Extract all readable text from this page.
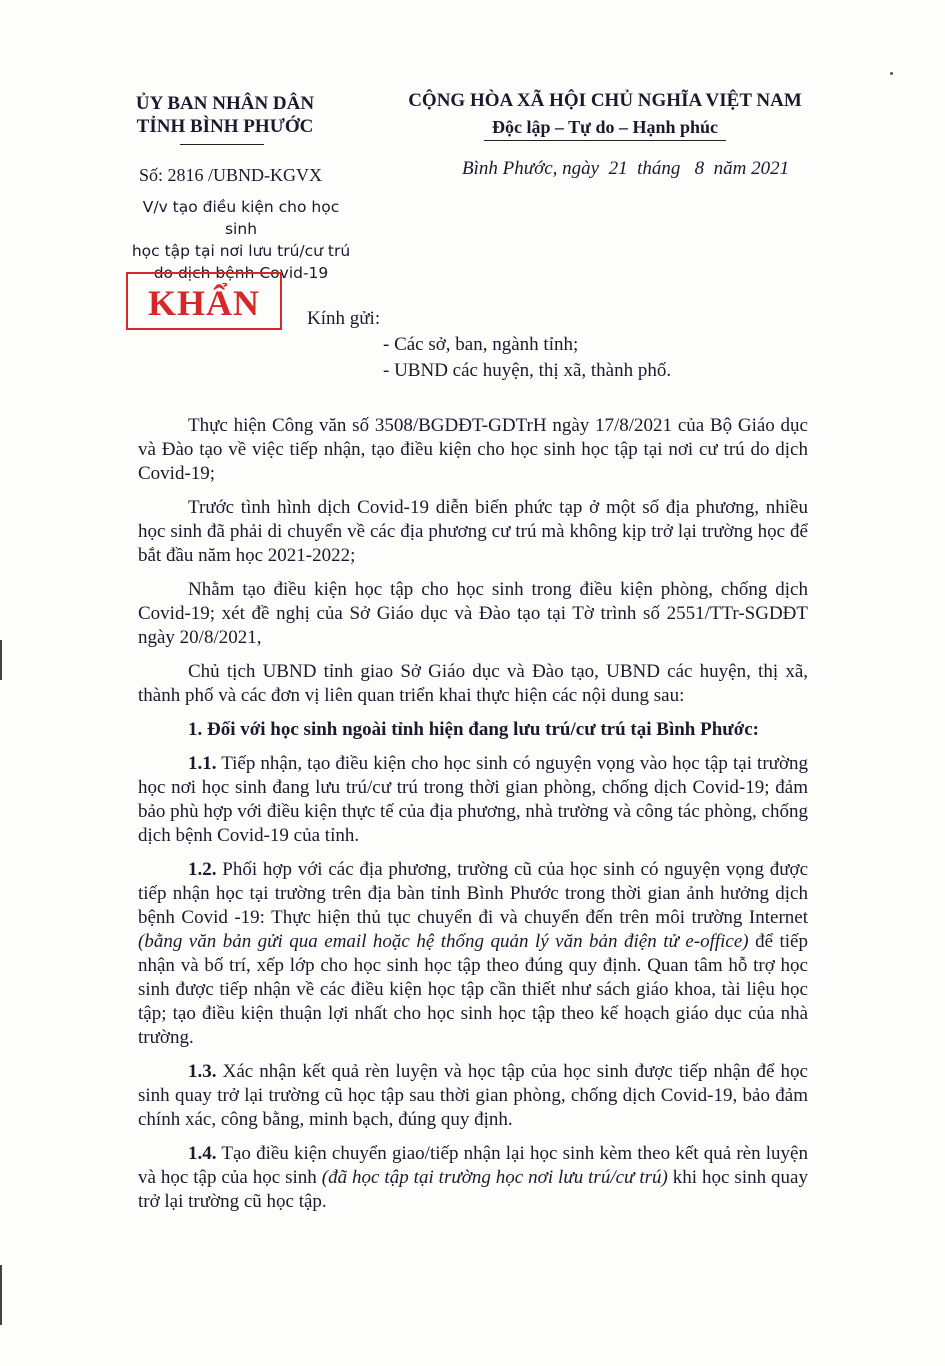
ỦY BAN NHÂN DÂN
TỈNH BÌNH PHƯỚC
CỘNG HÒA XÃ HỘI CHỦ NGHĨA VIỆT NAM
Độc lập – Tự do – Hạnh phúc
Số: 2816 /UBND-KGVX	Bình Phước, ngày  21  tháng   8  năm 2021
V/v tạo điều kiện cho học sinh
học tập tại nơi lưu trú/cư trú
do dịch bệnh Covid-19
KHẨN	Kính gửi:
- Các sở, ban, ngành tỉnh;
- UBND các huyện, thị xã, thành phố.

Thực hiện Công văn số 3508/BGDĐT-GDTrH ngày 17/8/2021 của Bộ Giáo dục và Đào tạo về việc tiếp nhận, tạo điều kiện cho học sinh học tập tại nơi cư trú do dịch Covid-19;

Trước tình hình dịch Covid-19 diễn biến phức tạp ở một số địa phương, nhiều học sinh đã phải di chuyển về các địa phương cư trú mà không kịp trở lại trường học để bắt đầu năm học 2021-2022;

Nhằm tạo điều kiện học tập cho học sinh trong điều kiện phòng, chống dịch Covid-19; xét đề nghị của Sở Giáo dục và Đào tạo tại Tờ trình số 2551/TTr-SGDĐT ngày 20/8/2021,

Chủ tịch UBND tỉnh giao Sở Giáo dục và Đào tạo, UBND các huyện, thị xã, thành phố và các đơn vị liên quan triển khai thực hiện các nội dung sau:

1. Đối với học sinh ngoài tỉnh hiện đang lưu trú/cư trú tại Bình Phước:

1.1. Tiếp nhận, tạo điều kiện cho học sinh có nguyện vọng vào học tập tại trường học nơi học sinh đang lưu trú/cư trú trong thời gian phòng, chống dịch Covid-19; đảm bảo phù hợp với điều kiện thực tế của địa phương, nhà trường và công tác phòng, chống dịch bệnh Covid-19 của tỉnh.

1.2. Phối hợp với các địa phương, trường cũ của học sinh có nguyện vọng được tiếp nhận học tại trường trên địa bàn tỉnh Bình Phước trong thời gian ảnh hưởng dịch bệnh Covid -19: Thực hiện thủ tục chuyển đi và chuyển đến trên môi trường Internet (bằng văn bản gửi qua email hoặc hệ thống quản lý văn bản điện tử e-office) để tiếp nhận và bố trí, xếp lớp cho học sinh học tập theo đúng quy định. Quan tâm hỗ trợ học sinh được tiếp nhận về các điều kiện học tập cần thiết như sách giáo khoa, tài liệu học tập; tạo điều kiện thuận lợi nhất cho học sinh học tập theo kế hoạch giáo dục của nhà trường.

1.3. Xác nhận kết quả rèn luyện và học tập của học sinh được tiếp nhận để học sinh quay trở lại trường cũ học tập sau thời gian phòng, chống dịch Covid-19, bảo đảm chính xác, công bằng, minh bạch, đúng quy định.

1.4. Tạo điều kiện chuyển giao/tiếp nhận lại học sinh kèm theo kết quả rèn luyện và học tập của học sinh (đã học tập tại trường học nơi lưu trú/cư trú) khi học sinh quay trở lại trường cũ học tập.
